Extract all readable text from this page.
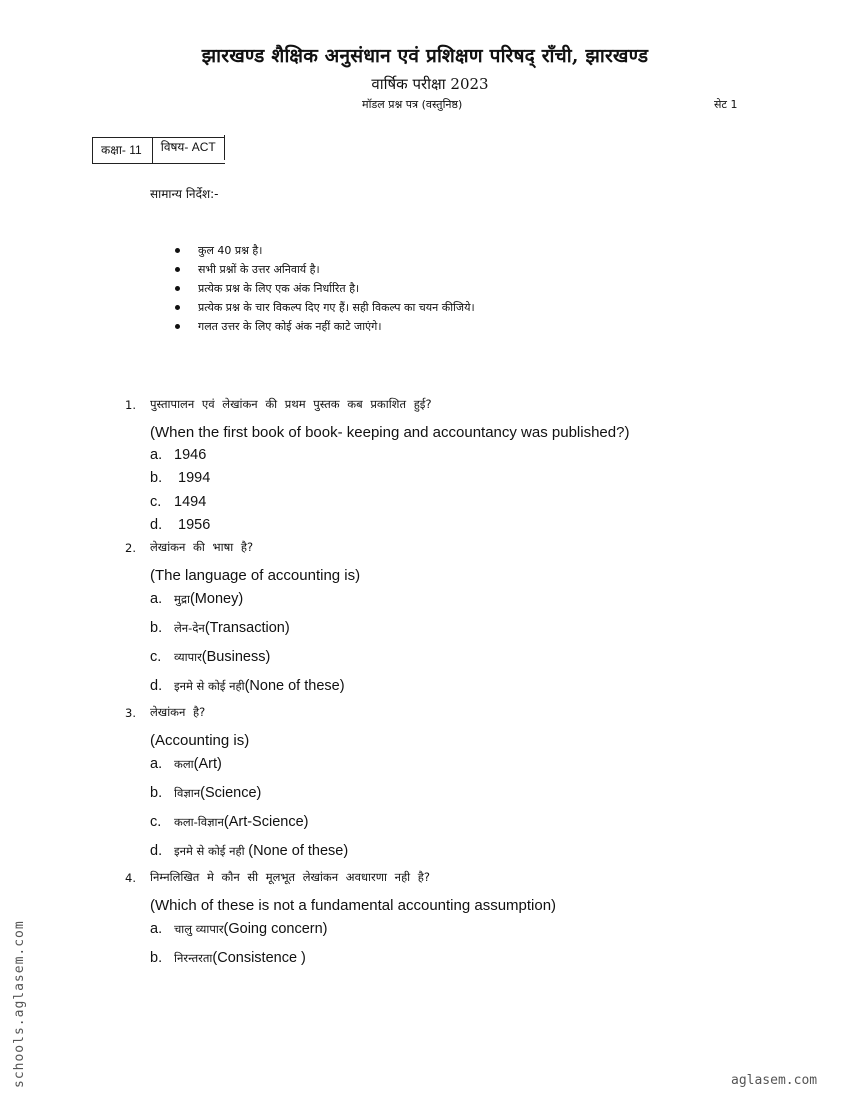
झारखण्ड शैक्षिक अनुसंधान एवं प्रशिक्षण परिषद् राँची, झारखण्ड
वार्षिक परीक्षा 2023
मॉडल प्रश्न पत्र (वस्तुनिष्ठ)	सेट 1
कक्षा- 11	विषय- ACT
सामान्य निर्देश:-
कुल 40 प्रश्न है।
सभी प्रश्नों के उत्तर अनिवार्य है।
प्रत्येक प्रश्न के लिए एक अंक निर्धारित है।
प्रत्येक प्रश्न के चार विकल्प दिए गए हैं। सही विकल्प का चयन कीजिये।
गलत उत्तर के लिए कोई अंक नहीं काटे जाएंगे।
1. पुस्तापालन एवं लेखांकन की प्रथम पुस्तक कब प्रकाशित हुई?
(When the first book of book- keeping and accountancy was published?)
a. 1946
b. 1994
c. 1494
d. 1956
2. लेखांकन की भाषा है?
(The language of accounting is)
a. मुद्रा(Money)
b. लेन-देन(Transaction)
c. व्यापार(Business)
d. इनमे से कोई नही(None of these)
3. लेखांकन है?
(Accounting is)
a. कला(Art)
b. विज्ञान(Science)
c. कला-विज्ञान(Art-Science)
d. इनमे से कोई नही (None of these)
4. निम्नलिखित मे कौन सी मूलभूत लेखांकन अवधारणा नही है?
(Which of these is not a fundamental accounting assumption)
a. चालु व्यापार(Going concern)
b. निरन्तरता(Consistence )
schools.aglasem.com	aglasem.com
